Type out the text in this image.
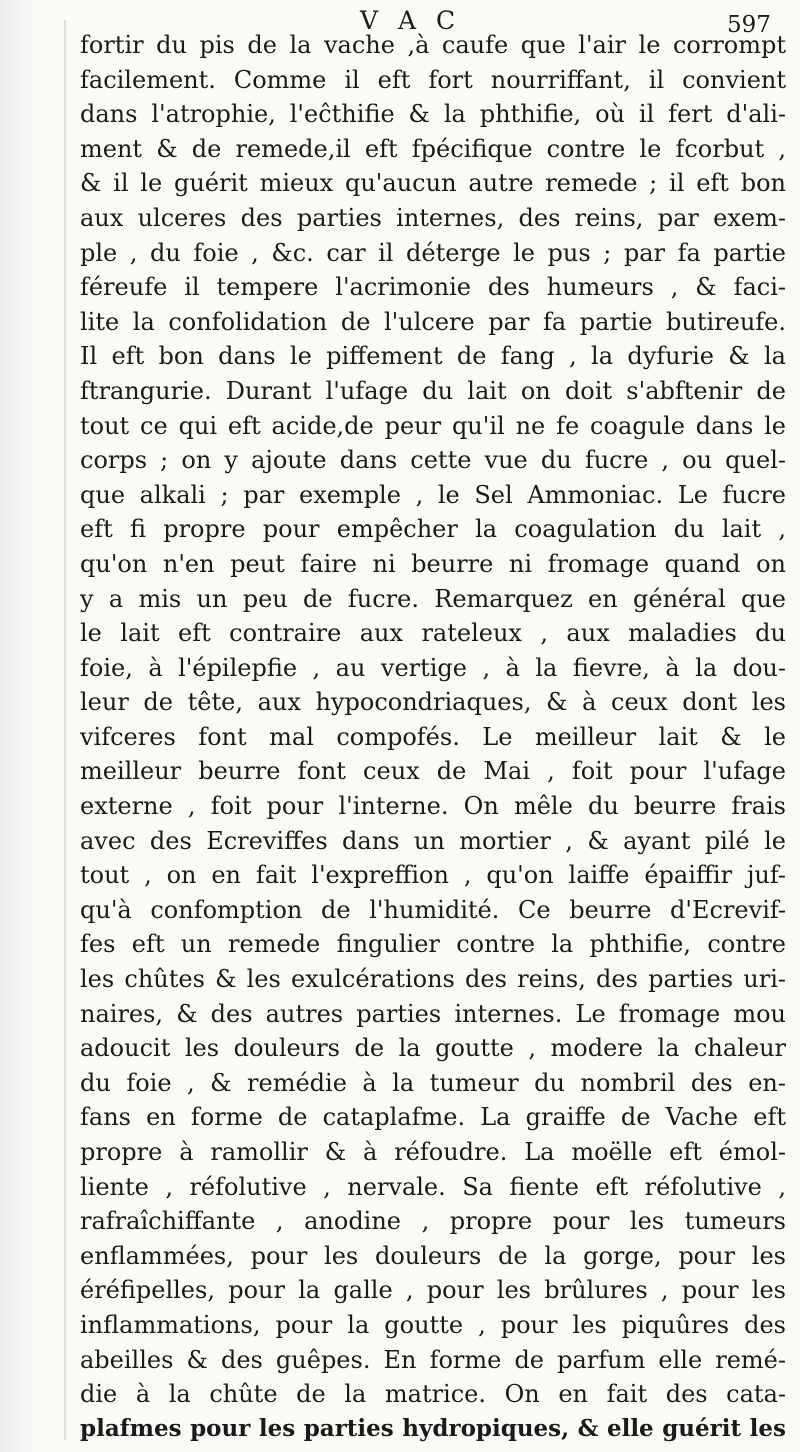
V A C	597
fortir du pis de la vache ,à caufe que l'air le corrompt
facilement. Comme il eft fort nourriffant, il convient
dans l'atrophie, l'eĉthifie & la phthifie, où il fert d'ali-
ment & de remede,il eft fpécifique contre le fcorbut ,
& il le guérit mieux qu'aucun autre remede ; il eft bon
aux ulceres des parties internes, des reins, par exem-
ple , du foie , &c. car il déterge le pus ; par fa partie
féreufe il tempere l'acrimonie des humeurs , & faci-
lite la confolidation de l'ulcere par fa partie butireufe.
Il eft bon dans le piffement de fang , la dyfurie & la
ftrangurie. Durant l'ufage du lait on doit s'abftenir de
tout ce qui eft acide,de peur qu'il ne fe coagule dans le
corps ; on y ajoute dans cette vue du fucre , ou quel-
que alkali ; par exemple , le Sel Ammoniac. Le fucre
eft fi propre pour empêcher la coagulation du lait ,
qu'on n'en peut faire ni beurre ni fromage quand on
y a mis un peu de fucre. Remarquez en général que
le lait eft contraire aux rateleux , aux maladies du
foie, à l'épilepfie , au vertige , à la fievre, à la dou-
leur de tête, aux hypocondriaques, & à ceux dont les
vifceres font mal compofés. Le meilleur lait & le
meilleur beurre font ceux de Mai , foit pour l'ufage
externe , foit pour l'interne. On mêle du beurre frais
avec des Ecreviffes dans un mortier , & ayant pilé le
tout , on en fait l'expreffion , qu'on laiffe épaiffir juf-
qu'à confomption de l'humidité. Ce beurre d'Ecrevif-
fes eft un remede fingulier contre la phthifie, contre
les chûtes & les exulcérations des reins, des parties uri-
naires, & des autres parties internes. Le fromage mou
adoucit les douleurs de la goutte , modere la chaleur
du foie , & remédie à la tumeur du nombril des en-
fans en forme de cataplafme. La graiffe de Vache eft
propre à ramollir & à réfoudre. La moëlle eft émol-
liente , réfolutive , nervale. Sa fiente eft réfolutive ,
rafraîchiffante , anodine , propre pour les tumeurs
enflammées, pour les douleurs de la gorge, pour les
éréfipelles, pour la galle , pour les brûlures , pour les
inflammations, pour la goutte , pour les piquûres des
abeilles & des guêpes. En forme de parfum elle remé-
die à la chûte de la matrice. On en fait des cata-
plafmes pour les parties hydropiques, & elle guérit les
